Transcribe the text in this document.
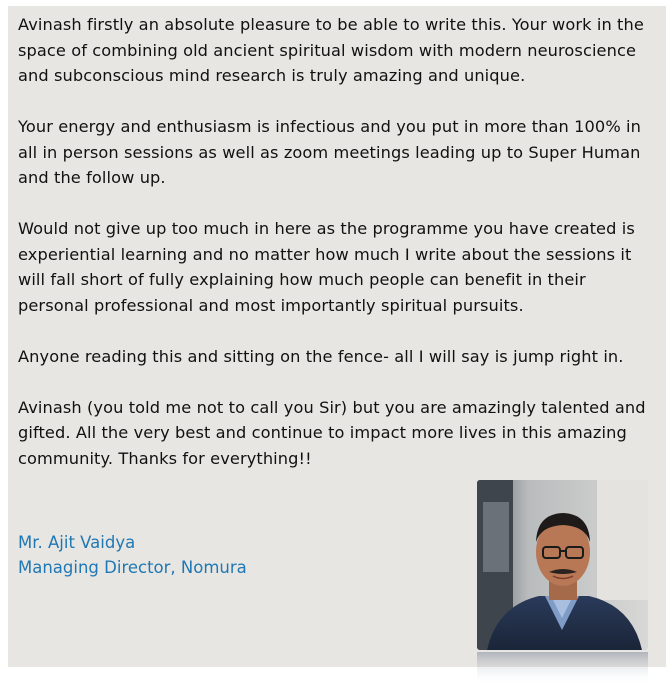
Avinash firstly an absolute pleasure to be able to write this. Your work in the space of combining old ancient spiritual wisdom with modern neuroscience and subconscious mind research is truly amazing and unique.

Your energy and enthusiasm is infectious and you put in more than 100% in all in person sessions as well as zoom meetings leading up to Super Human and the follow up.

Would not give up too much in here as the programme you have created is experiential learning and no matter how much I write about the sessions it will fall short of fully explaining how much people can benefit in their personal professional and most importantly spiritual pursuits.

Anyone reading this and sitting on the fence- all I will say is jump right in.

Avinash (you told me not to call you Sir) but you are amazingly talented and gifted. All the very best and continue to impact more lives in this amazing community. Thanks for everything!!

Mr. Ajit Vaidya
Managing Director, Nomura
